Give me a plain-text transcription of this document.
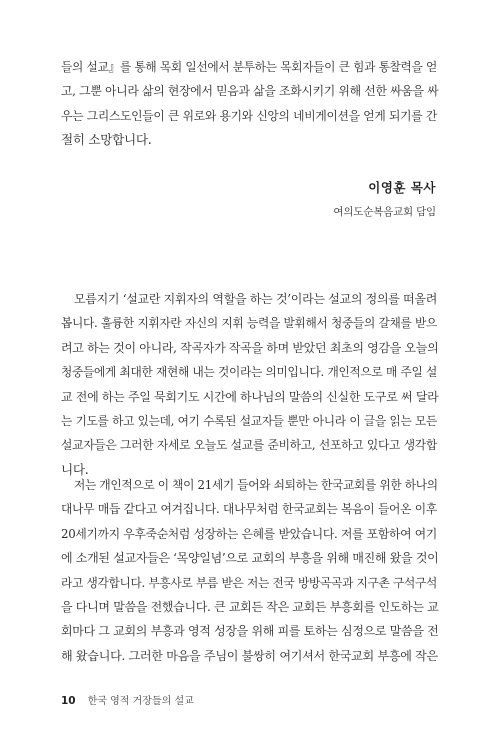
들의 설교』를 통해 목회 일선에서 분투하는 목회자들이 큰 힘과 통찰력을 얻
고, 그뿐 아니라 삶의 현장에서 믿음과 삶을 조화시키기 위해 선한 싸움을 싸
우는 그리스도인들이 큰 위로와 용기와 신앙의 네비게이션을 얻게 되기를 간
절히 소망합니다.
이영훈 목사
여의도순복음교회 담임
모름지기 ‘설교란 지휘자의 역할을 하는 것’이라는 설교의 정의를 떠올려
봅니다. 훌륭한 지휘자란 자신의 지휘 능력을 발휘해서 청중들의 갈채를 받으
려고 하는 것이 아니라, 작곡자가 작곡을 하며 받았던 최초의 영감을 오늘의
청중들에게 최대한 재현해 내는 것이라는 의미입니다. 개인적으로 매 주일 설
교 전에 하는 주일 묵회기도 시간에 하나님의 말씀의 신실한 도구로 써 달라
는 기도를 하고 있는데, 여기 수록된 설교자들 뿐만 아니라 이 글을 읽는 모든
설교자들은 그러한 자세로 오늘도 설교를 준비하고, 선포하고 있다고 생각합
니다.
저는 개인적으로 이 책이 21세기 들어와 쇠퇴하는 한국교회를 위한 하나의
대나무 매듭 같다고 여겨집니다. 대나무처럼 한국교회는 복음이 들어온 이후
20세기까지 우후죽순처럼 성장하는 은혜를 받았습니다. 저를 포함하여 여기
에 소개된 설교자들은 ‘목양일념’으로 교회의 부흥을 위해 매진해 왔을 것이
라고 생각합니다. 부흥사로 부름 받은 저는 전국 방방곡곡과 지구촌 구석구석
을 다니며 말씀을 전했습니다. 큰 교회든 작은 교회든 부흥회를 인도하는 교
회마다 그 교회의 부흥과 영적 성장을 위해 피를 토하는 심정으로 말씀을 전
해 왔습니다. 그러한 마음을 주님이 불쌍히 여기셔서 한국교회 부흥에 작은
10 한국 영적 거장들의 설교
